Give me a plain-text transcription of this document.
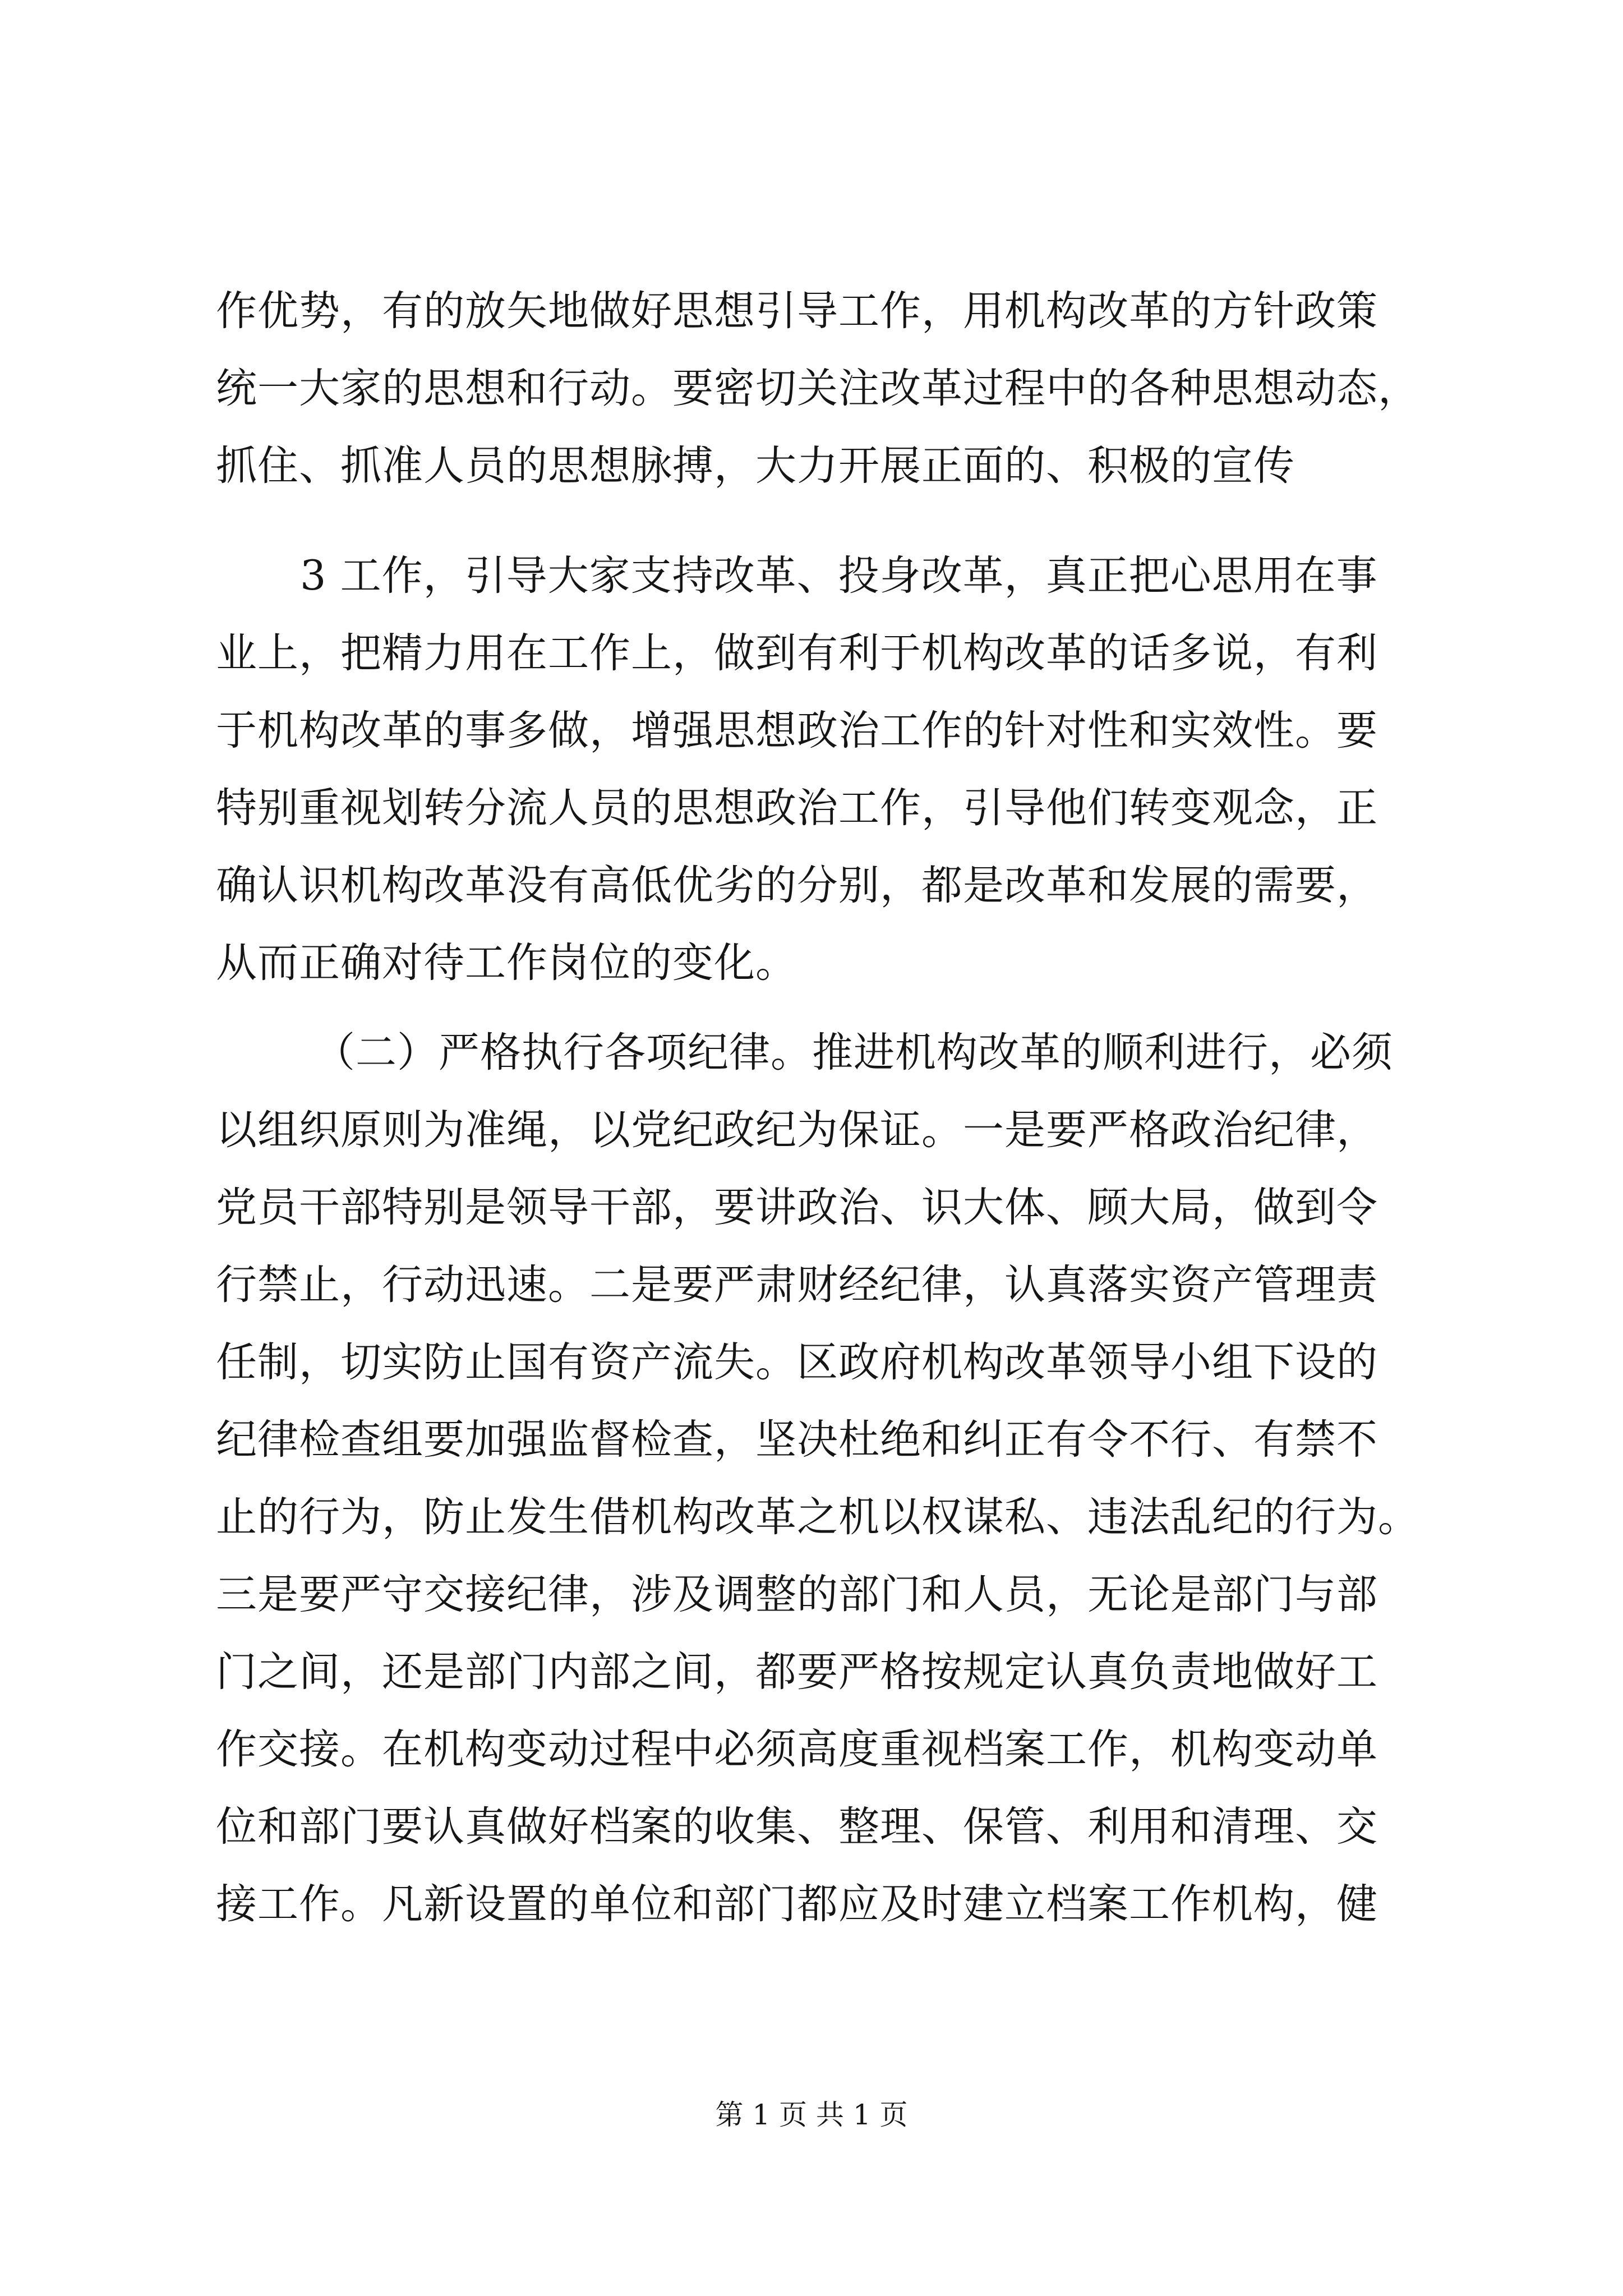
作优势，有的放矢地做好思想引导工作，用机构改革的方针政策
统一大家的思想和行动。要密切关注改革过程中的各种思想动态，
抓住、抓准人员的思想脉搏，大力开展正面的、积极的宣传
3 工作，引导大家支持改革、投身改革，真正把心思用在事
业上，把精力用在工作上，做到有利于机构改革的话多说，有利
于机构改革的事多做，增强思想政治工作的针对性和实效性。要
特别重视划转分流人员的思想政治工作，引导他们转变观念，正
确认识机构改革没有高低优劣的分别，都是改革和发展的需要，
从而正确对待工作岗位的变化。
（二）严格执行各项纪律。推进机构改革的顺利进行，必须
以组织原则为准绳，以党纪政纪为保证。一是要严格政治纪律，
党员干部特别是领导干部，要讲政治、识大体、顾大局，做到令
行禁止，行动迅速。二是要严肃财经纪律，认真落实资产管理责
任制，切实防止国有资产流失。区政府机构改革领导小组下设的
纪律检查组要加强监督检查，坚决杜绝和纠正有令不行、有禁不
止的行为，防止发生借机构改革之机以权谋私、违法乱纪的行为。
三是要严守交接纪律，涉及调整的部门和人员，无论是部门与部
门之间，还是部门内部之间，都要严格按规定认真负责地做好工
作交接。在机构变动过程中必须高度重视档案工作，机构变动单
位和部门要认真做好档案的收集、整理、保管、利用和清理、交
接工作。凡新设置的单位和部门都应及时建立档案工作机构，健
第 1 页 共 1 页
